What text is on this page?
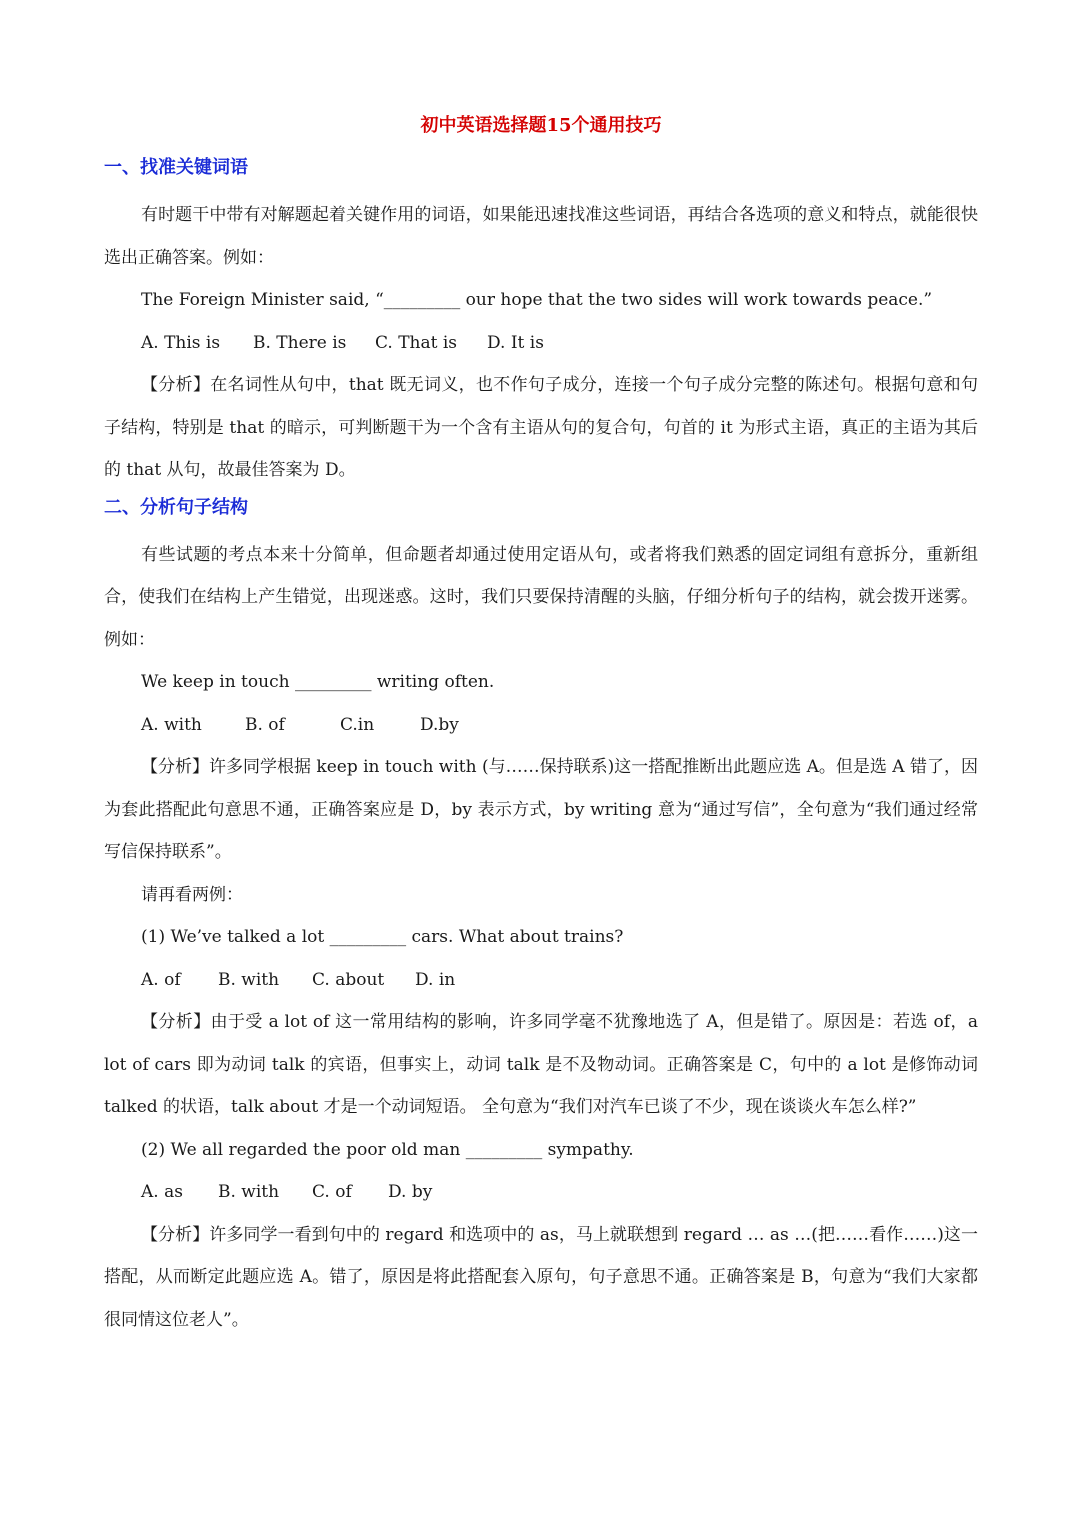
初中英语选择题15个通用技巧
一、找准关键词语

有时题干中带有对解题起着关键作用的词语，如果能迅速找准这些词语，再结合各选项的意义和特点，就能很快选出正确答案。例如：

The Foreign Minister said, “_________ our hope that the two sides will work towards peace.”

A. This is	B. There is	C. That is	D. It is

【分析】在名词性从句中，that 既无词义，也不作句子成分，连接一个句子成分完整的陈述句。根据句意和句子结构，特别是 that 的暗示，可判断题干为一个含有主语从句的复合句，句首的 it 为形式主语，真正的主语为其后的 that 从句，故最佳答案为 D。

二、分析句子结构

有些试题的考点本来十分简单，但命题者却通过使用定语从句，或者将我们熟悉的固定词组有意拆分，重新组合，使我们在结构上产生错觉，出现迷惑。这时，我们只要保持清醒的头脑，仔细分析句子的结构，就会拨开迷雾。例如：

We keep in touch _________ writing often.

A. with	B. of	C.in	D.by

【分析】许多同学根据 keep in touch with (与……保持联系)这一搭配推断出此题应选 A。但是选 A 错了，因为套此搭配此句意思不通，正确答案应是 D，by 表示方式，by writing 意为“通过写信”，全句意为“我们通过经常写信保持联系”。

请再看两例：

(1) We’ve talked a lot _________ cars. What about trains?

A. of	B. with	C. about	D. in

【分析】由于受 a lot of 这一常用结构的影响，许多同学毫不犹豫地选了 A，但是错了。原因是：若选 of，a lot of cars 即为动词 talk 的宾语，但事实上，动词 talk 是不及物动词。正确答案是 C，句中的 a lot 是修饰动词 talked 的状语，talk about 才是一个动词短语。 全句意为“我们对汽车已谈了不少，现在谈谈火车怎么样?”

(2) We all regarded the poor old man _________ sympathy.

A. as	B. with	C. of	D. by

【分析】许多同学一看到句中的 regard 和选项中的 as，马上就联想到 regard … as …(把……看作……)这一搭配，从而断定此题应选 A。错了，原因是将此搭配套入原句，句子意思不通。正确答案是 B，句意为“我们大家都很同情这位老人”。
